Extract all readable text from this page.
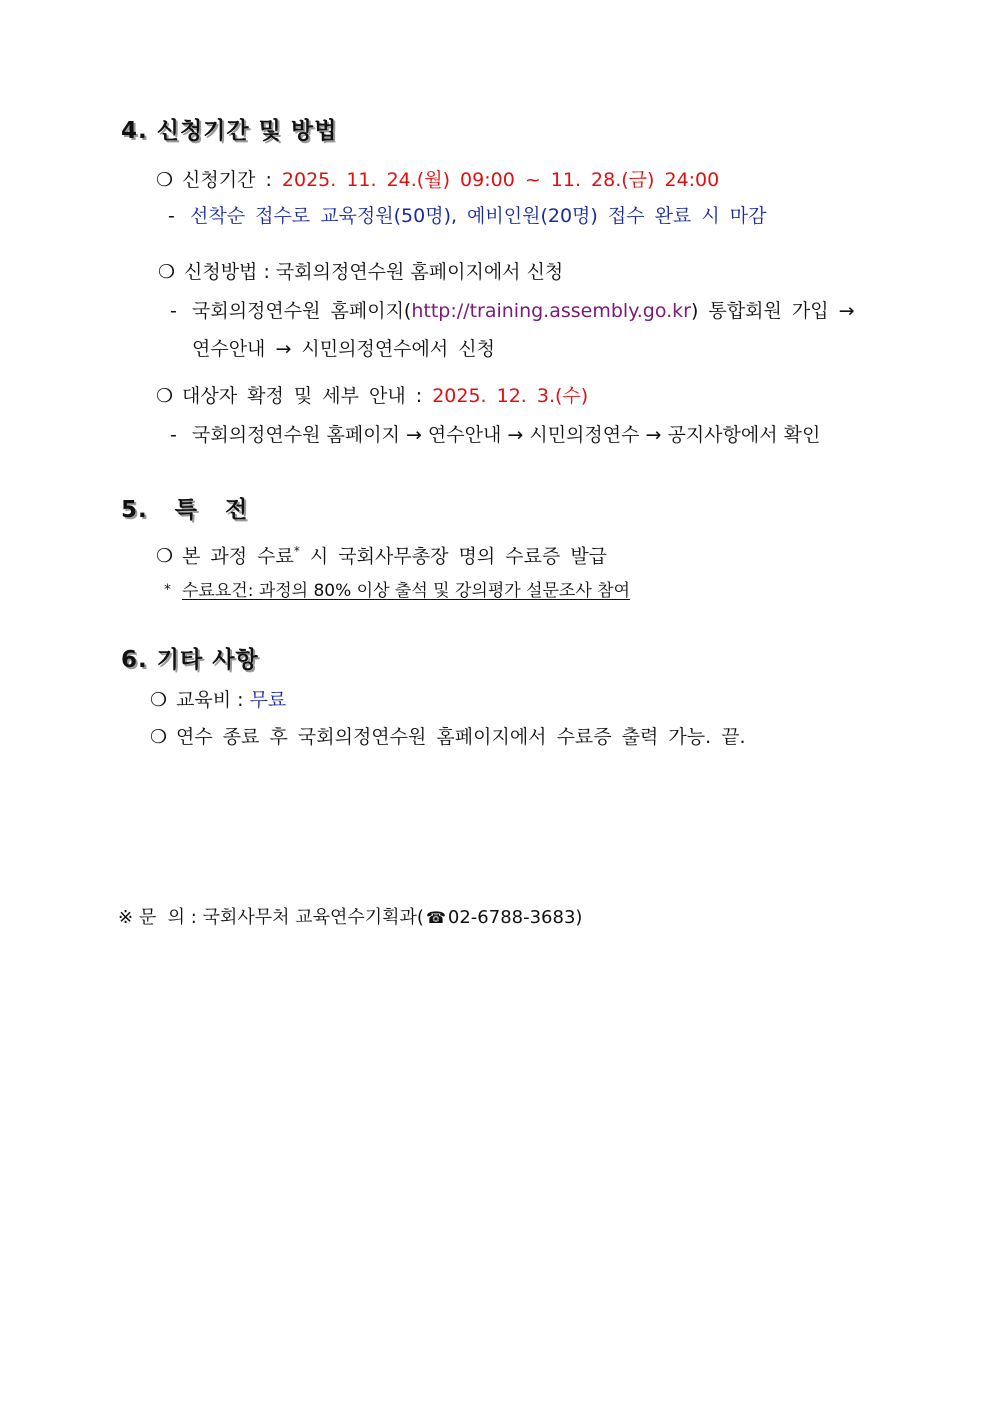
4. 신청기간 및 방법
❍ 신청기간 : 2025. 11. 24.(월) 09:00 ~ 11. 28.(금) 24:00
- 선착순 접수로 교육정원(50명), 예비인원(20명) 접수 완료 시 마감
❍ 신청방법 : 국회의정연수원 홈페이지에서 신청
- 국회의정연수원 홈페이지(http://training.assembly.go.kr) 통합회원 가입 →
연수안내 → 시민의정연수에서 신청
❍ 대상자 확정 및 세부 안내 : 2025. 12. 3.(수)
- 국회의정연수원 홈페이지 → 연수안내 → 시민의정연수 → 공지사항에서 확인
5. 특 전
❍ 본 과정 수료* 시 국회사무총장 명의 수료증 발급
* 수료요건: 과정의 80% 이상 출석 및 강의평가 설문조사 참여
6. 기타 사항
❍ 교육비 : 무료
❍ 연수 종료 후 국회의정연수원 홈페이지에서 수료증 출력 가능. 끝.
※ 문  의 : 국회사무처 교육연수기획과( ☎ 02-6788-3683)
